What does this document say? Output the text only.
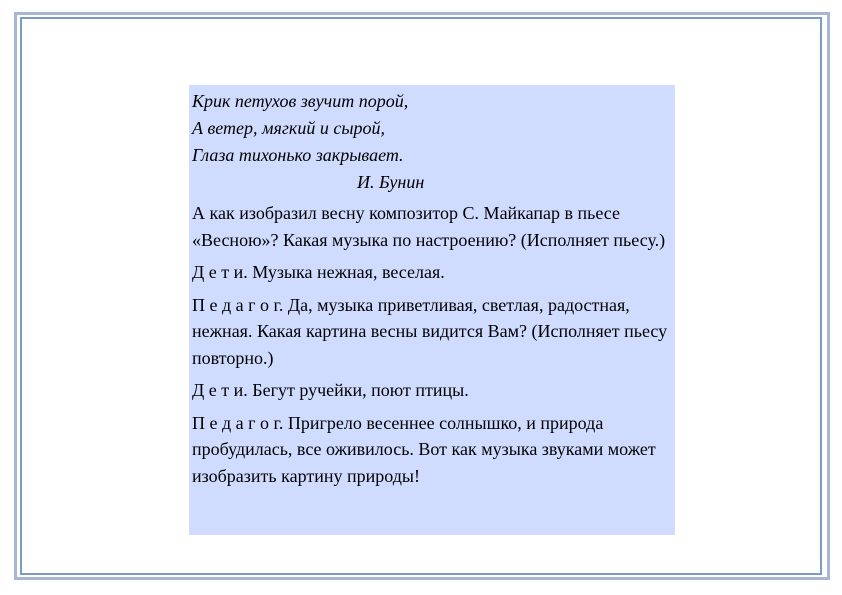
Крик петухов звучит порой,

А ветер, мягкий и сырой,

Глаза тихонько закрывает.

И. Бунин

А как изобразил весну композитор С. Майкапар в пьесе «Весною»? Какая музыка по настроению? (Исполняет пьесу.)

Д е т и. Музыка нежная, веселая.

П е д а г о г. Да, музыка приветливая, светлая, радостная, нежная. Какая картина весны видится Вам? (Исполняет пьесу повторно.)

Д е т и. Бегут ручейки, поют птицы.

П е д а г о г. Пригрело весеннее солнышко, и природа пробудилась, все оживилось. Вот как музыка звуками может изобразить картину природы!
